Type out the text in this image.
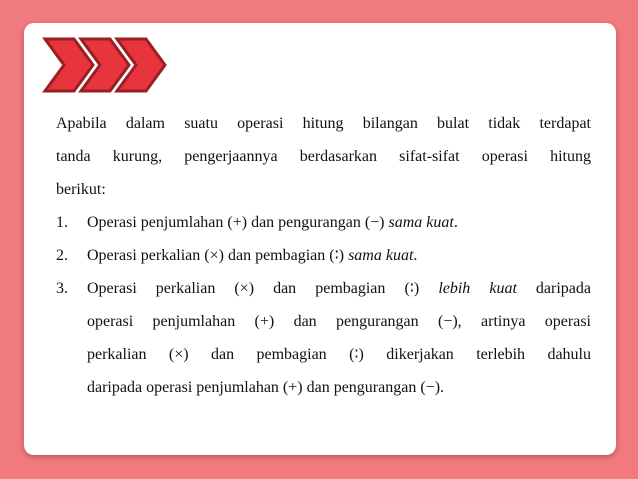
Apabila dalam suatu operasi hitung bilangan bulat tidak terdapat
tanda kurung, pengerjaannya berdasarkan sifat-sifat operasi hitung
berikut:

1.	Operasi penjumlahan (+) dan pengurangan (−) sama kuat.
2.	Operasi perkalian (×) dan pembagian (∶) sama kuat.
3.	Operasi perkalian (×) dan pembagian (∶) lebih kuat daripada
operasi penjumlahan (+) dan pengurangan (−), artinya operasi
perkalian (×) dan pembagian (∶) dikerjakan terlebih dahulu
daripada operasi penjumlahan (+) dan pengurangan (−).
